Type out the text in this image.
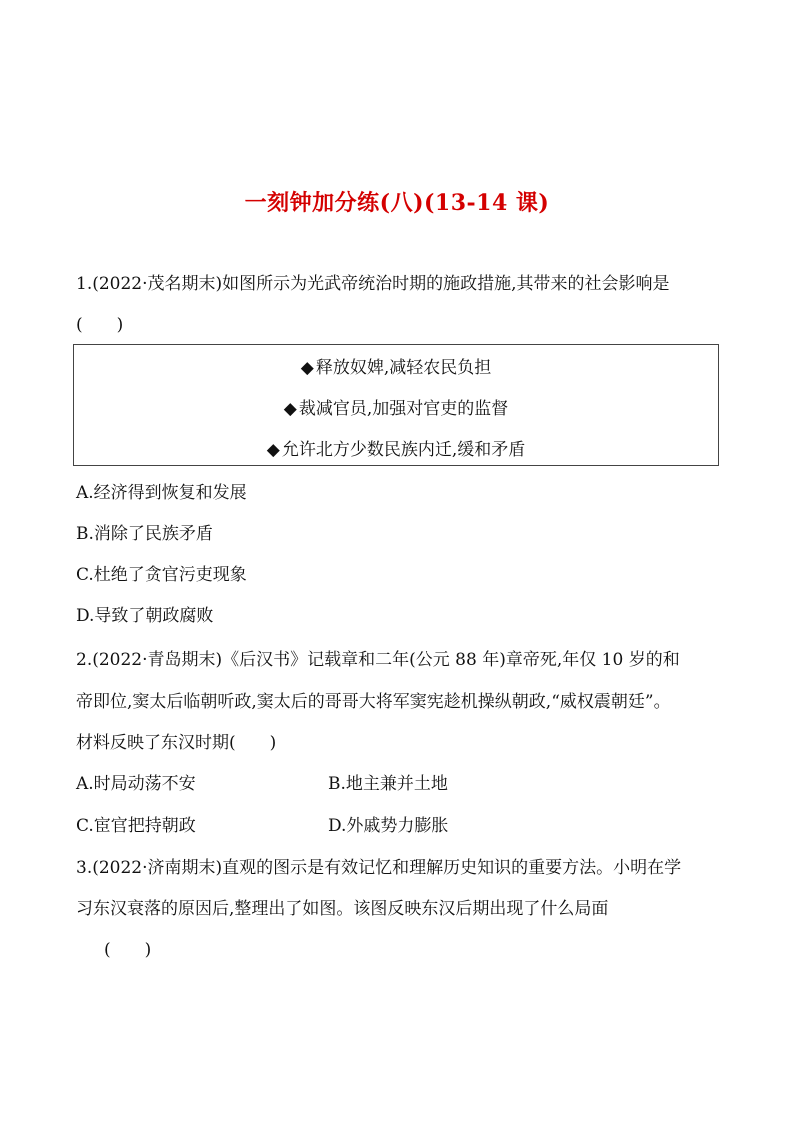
一刻钟加分练(八)(13-14 课)
1.(2022·茂名期末)如图所示为光武帝统治时期的施政措施,其带来的社会影响是
(　　)
◆ 释放奴婢,减轻农民负担
◆ 裁减官员,加强对官吏的监督
◆ 允许北方少数民族内迁,缓和矛盾
A.经济得到恢复和发展
B.消除了民族矛盾
C.杜绝了贪官污吏现象
D.导致了朝政腐败
2.(2022·青岛期末)《后汉书》记载章和二年(公元 88 年)章帝死,年仅 10 岁的和
帝即位,窦太后临朝听政,窦太后的哥哥大将军窦宪趁机操纵朝政,“威权震朝廷”。
材料反映了东汉时期(　　)
A.时局动荡不安	B.地主兼并土地
C.宦官把持朝政	D.外戚势力膨胀
3.(2022·济南期末)直观的图示是有效记忆和理解历史知识的重要方法。小明在学
习东汉衰落的原因后,整理出了如图。该图反映东汉后期出现了什么局面
(　　)
